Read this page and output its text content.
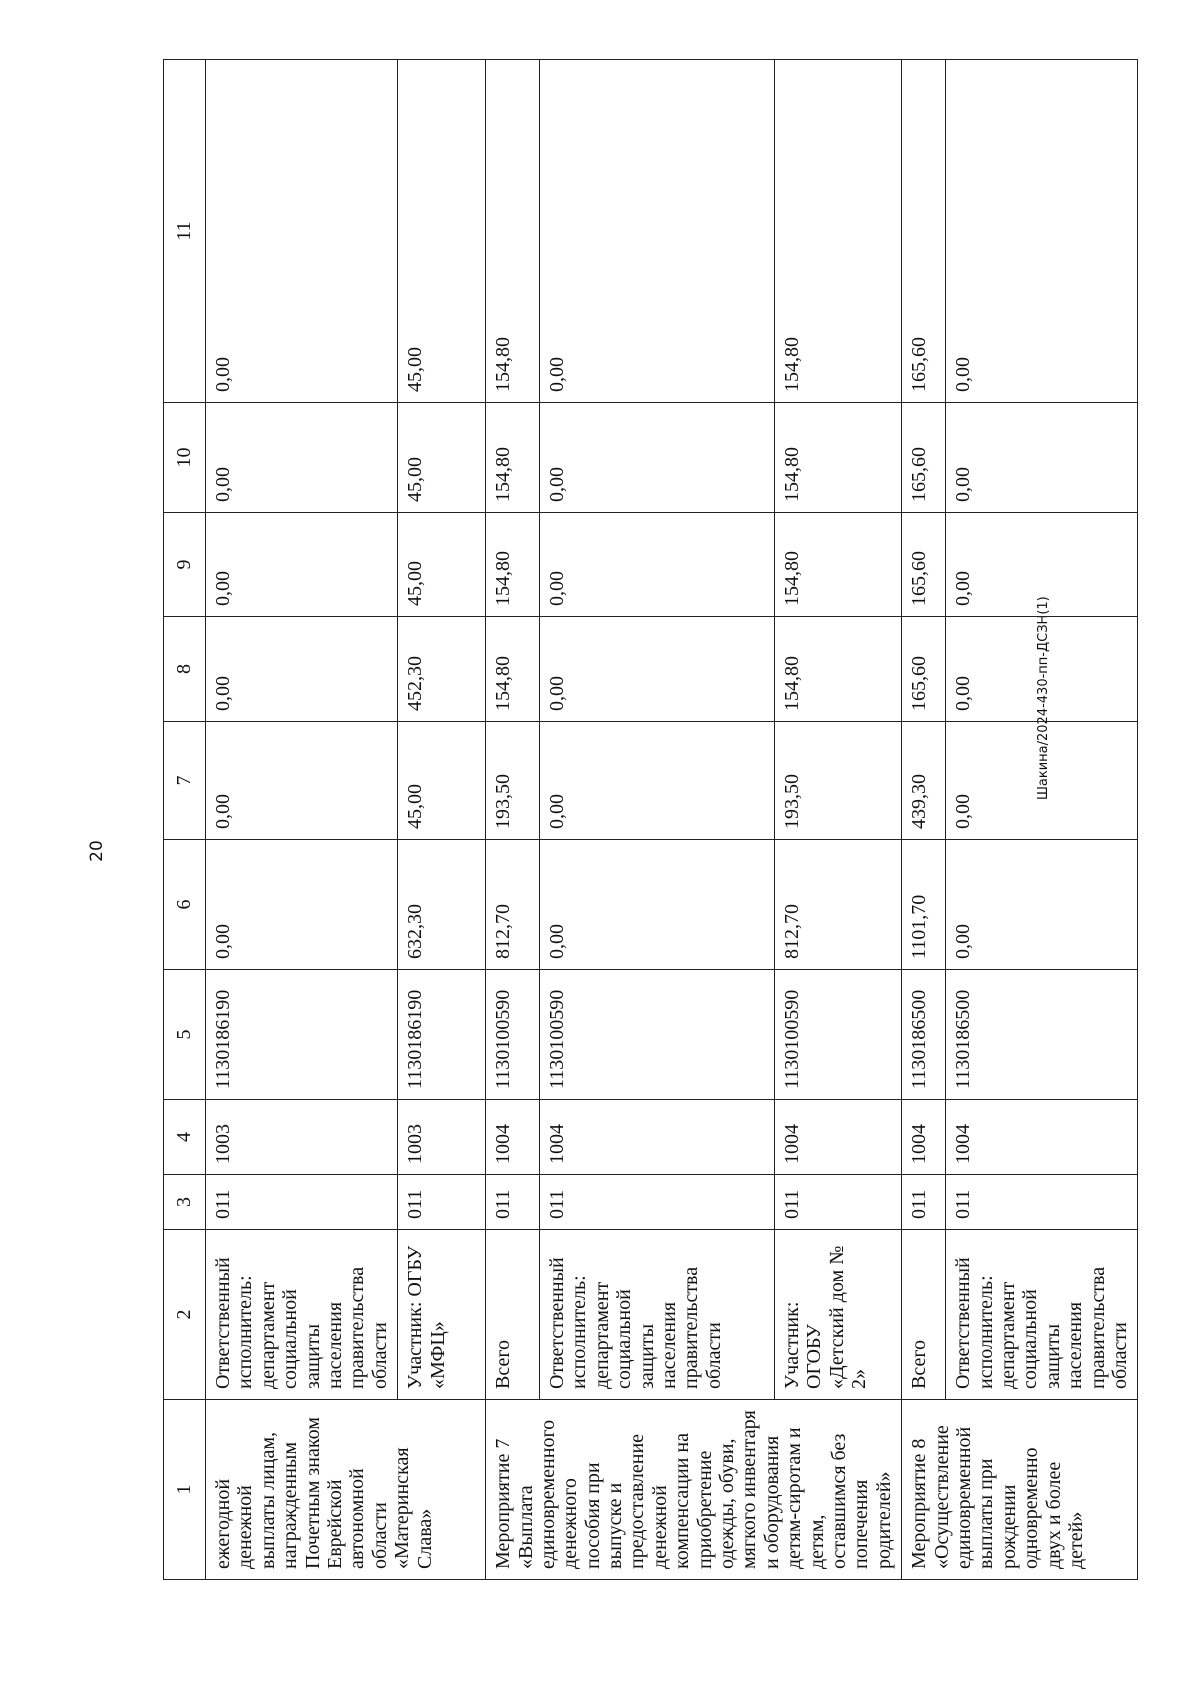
20
Шакина/2024-430-пп-ДСЗН(1)
1	2	3	4	5	6	7	8	9	10	11
ежегодной денежной выплаты лицам, награжденным Почетным знаком Еврейской автономной области «Материнская Слава»	Ответственный исполнитель: департамент социальной защиты населения правительства области	011	1003	1130186190	0,00	0,00	0,00	0,00	0,00	0,00
	Участник: ОГБУ «МФЦ»	011	1003	1130186190	632,30	45,00	452,30	45,00	45,00	45,00
Мероприятие 7 «Выплата единовременного денежного пособия при выпуске и предоставление денежной компенсации на приобретение одежды, обуви, мягкого инвентаря и оборудования детям-сиротам и детям, оставшимся без попечения родителей»	Всего	011	1004	1130100590	812,70	193,50	154,80	154,80	154,80	154,80
	Ответственный исполнитель: департамент социальной защиты населения правительства области	011	1004	1130100590	0,00	0,00	0,00	0,00	0,00	0,00
	Участник: ОГОБУ «Детский дом № 2»	011	1004	1130100590	812,70	193,50	154,80	154,80	154,80	154,80
Мероприятие 8 «Осуществление единовременной выплаты при рождении одновременно двух и более детей»	Всего	011	1004	1130186500	1101,70	439,30	165,60	165,60	165,60	165,60
	Ответственный исполнитель: департамент социальной защиты населения правительства области	011	1004	1130186500	0,00	0,00	0,00	0,00	0,00	0,00
